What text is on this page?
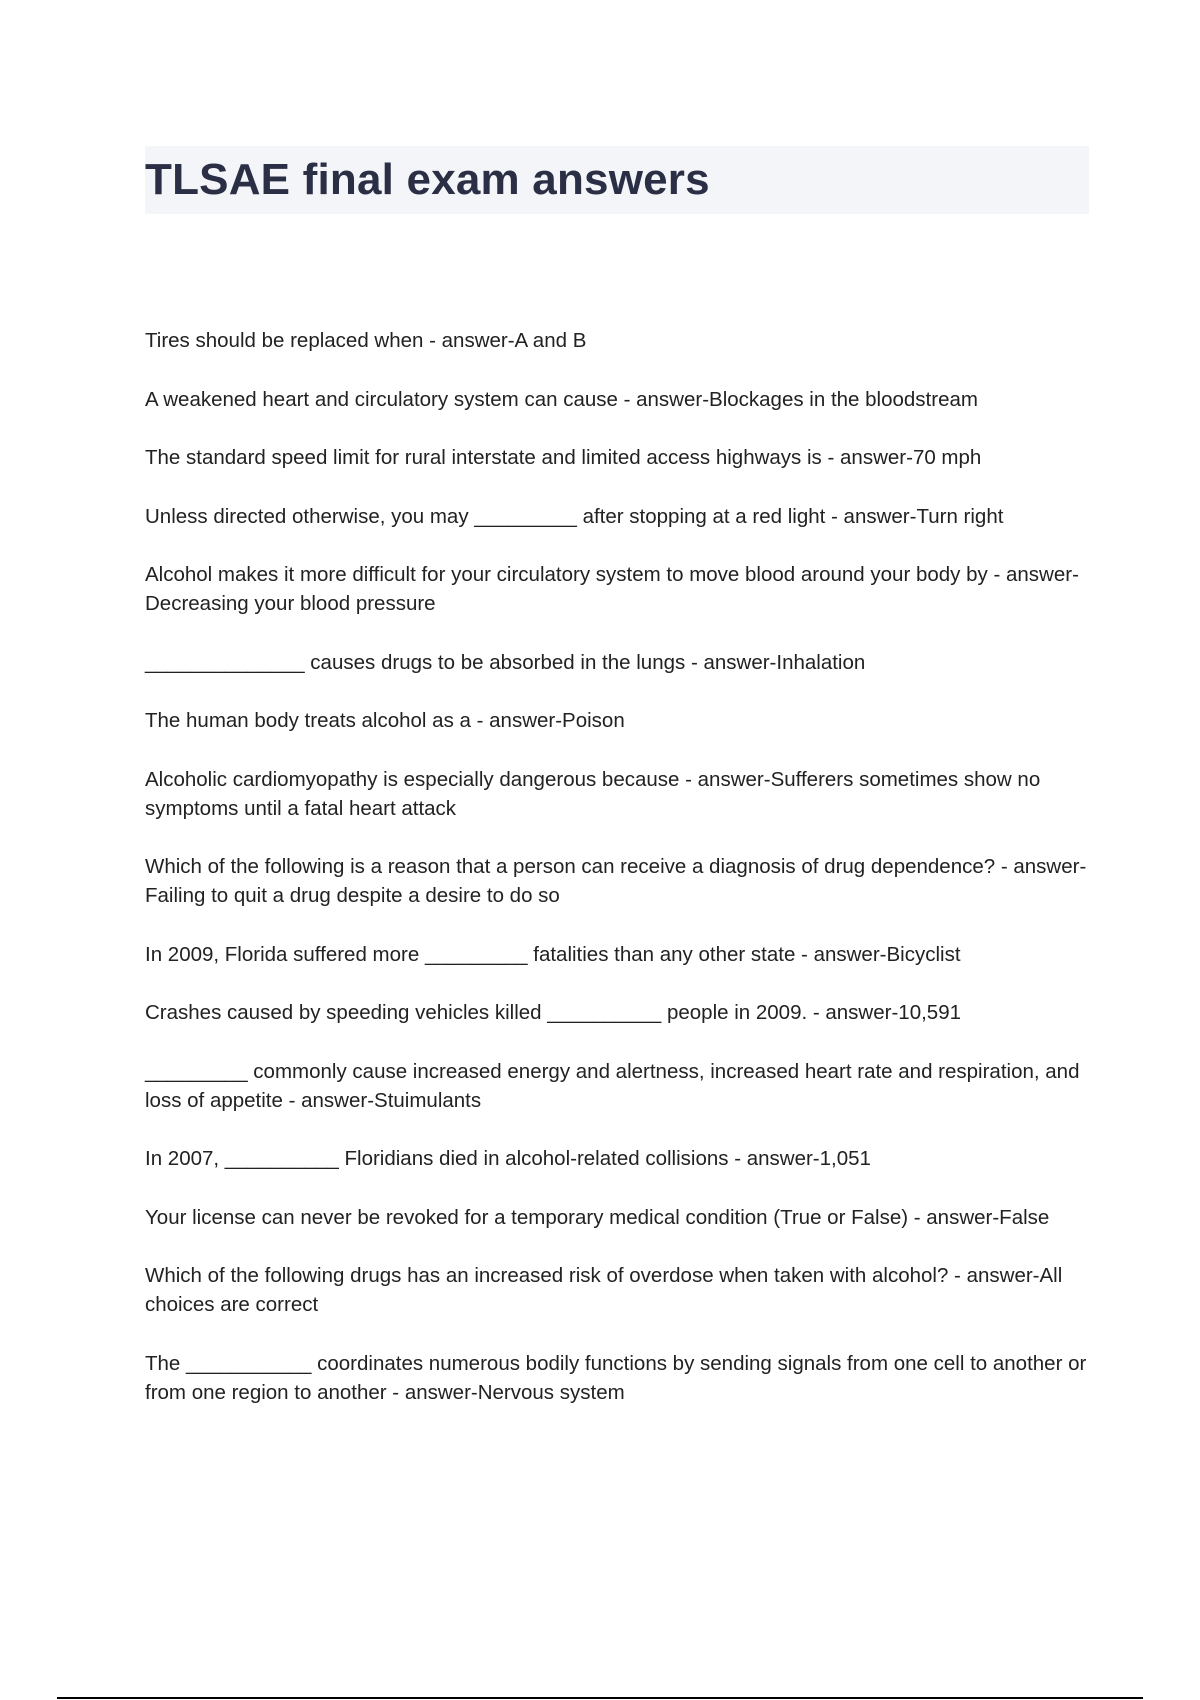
TLSAE final exam answers
Tires should be replaced when - answer-A and B
A weakened heart and circulatory system can cause - answer-Blockages in the bloodstream
The standard speed limit for rural interstate and limited access highways is - answer-70 mph
Unless directed otherwise, you may _________ after stopping at a red light - answer-Turn right
Alcohol makes it more difficult for your circulatory system to move blood around your body by - answer-Decreasing your blood pressure
______________ causes drugs to be absorbed in the lungs - answer-Inhalation
The human body treats alcohol as a - answer-Poison
Alcoholic cardiomyopathy is especially dangerous because - answer-Sufferers sometimes show no symptoms until a fatal heart attack
Which of the following is a reason that a person can receive a diagnosis of drug dependence? - answer-Failing to quit a drug despite a desire to do so
In 2009, Florida suffered more _________ fatalities than any other state - answer-Bicyclist
Crashes caused by speeding vehicles killed __________ people in 2009. - answer-10,591
_________ commonly cause increased energy and alertness, increased heart rate and respiration, and loss of appetite - answer-Stuimulants
In 2007, __________ Floridians died in alcohol-related collisions - answer-1,051
Your license can never be revoked for a temporary medical condition (True or False) - answer-False
Which of the following drugs has an increased risk of overdose when taken with alcohol? - answer-All choices are correct
The ___________ coordinates numerous bodily functions by sending signals from one cell to another or from one region to another - answer-Nervous system
